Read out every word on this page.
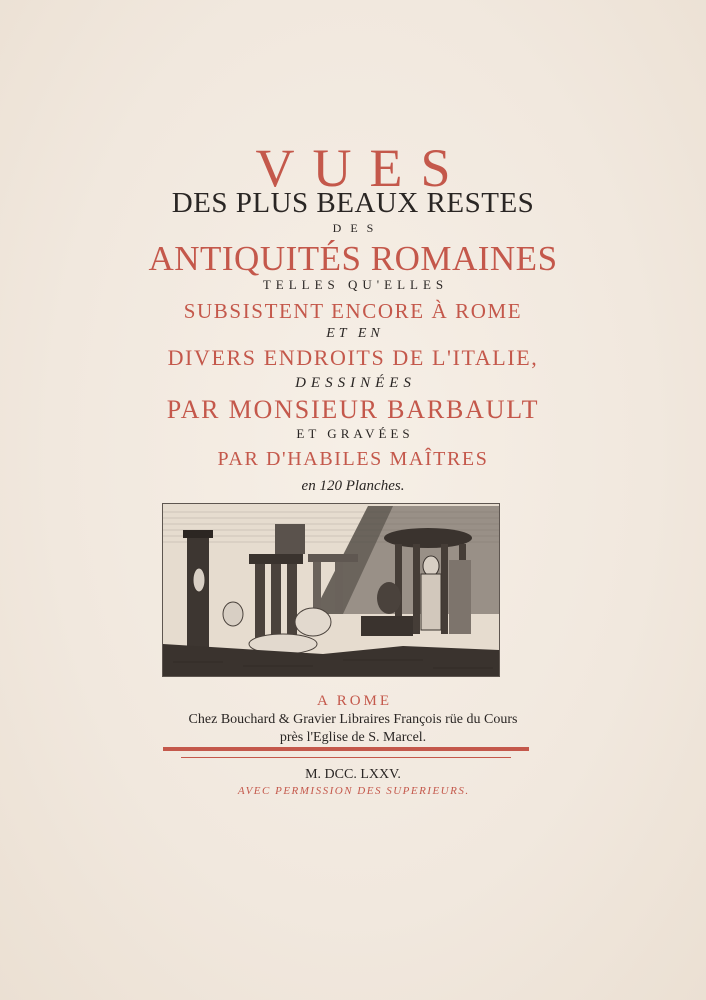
VUES
DES PLUS BEAUX RESTES
DES
ANTIQUITÉS ROMAINES
TELLES QU'ELLES
SUBSISTENT ENCORE À ROME
ET EN
DIVERS ENDROITS DE L'ITALIE,
DESSINÉES
PAR MONSIEUR BARBAULT
ET GRAVÉES
PAR D'HABILES MAÎTRES
en 120 Planches.
A ROME
Chez Bouchard & Gravier Libraires François rüe du Cours
près l'Eglise de S. Marcel.
M. DCC. LXXV.
AVEC PERMISSION DES SUPERIEURS.
